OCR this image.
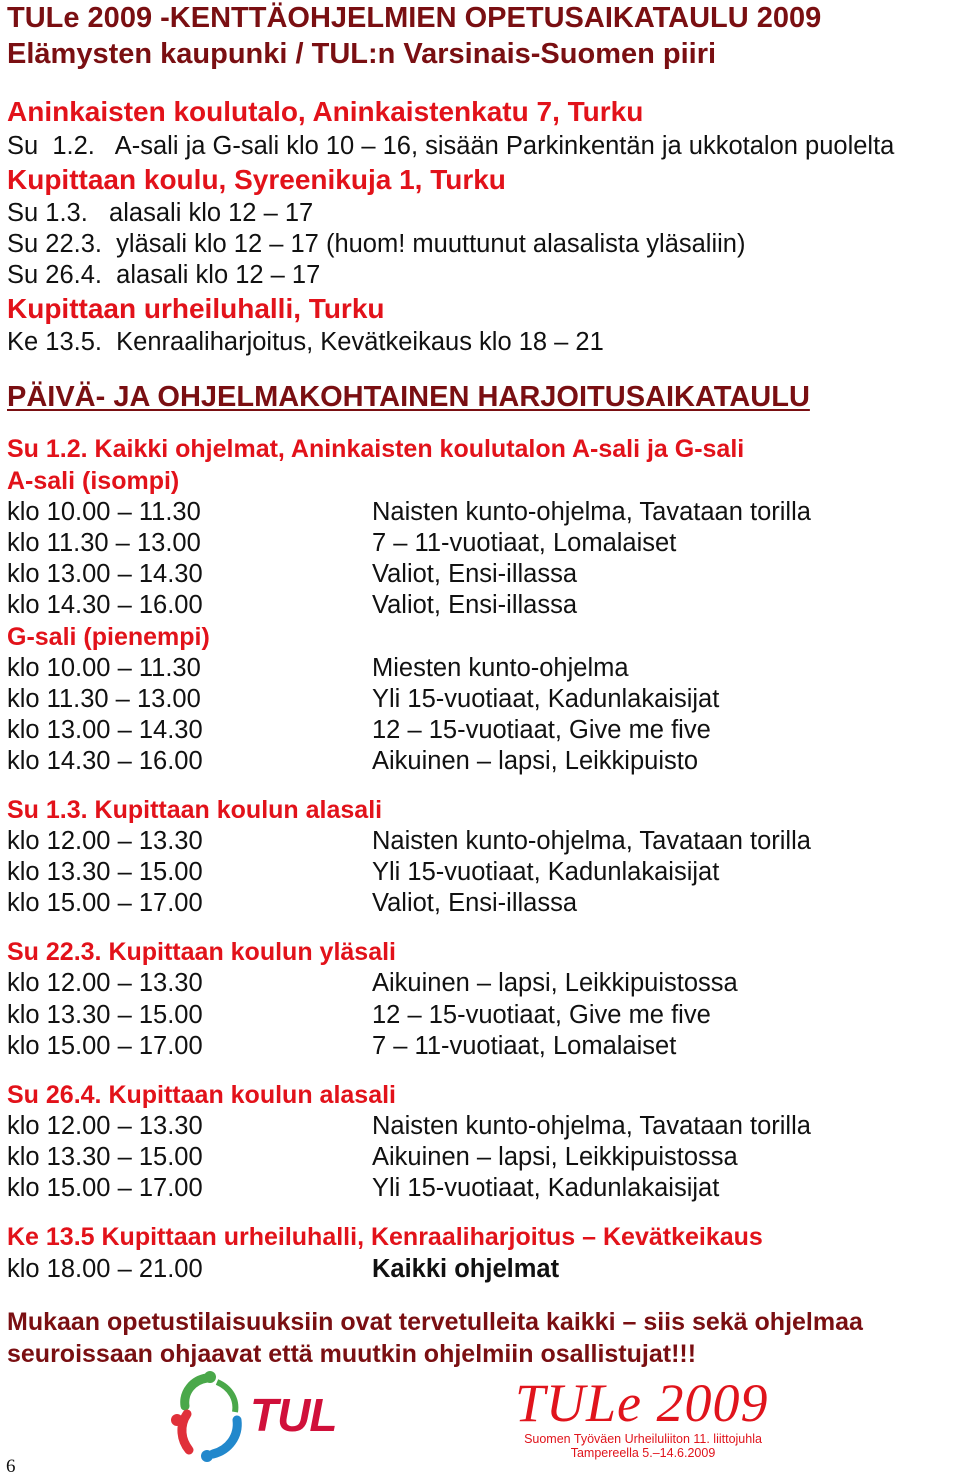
TULe 2009 -KENTTÄOHJELMIEN OPETUSAIKATAULU 2009
Elämysten kaupunki / TUL:n Varsinais-Suomen piiri
Aninkaisten koulutalo, Aninkaistenkatu 7, Turku
Su  1.2.   A-sali ja G-sali klo 10 – 16, sisään Parkinkentän ja ukkotalon puolelta
Kupittaan koulu, Syreenikuja 1, Turku
Su 1.3.   alasali klo 12 – 17
Su 22.3.  yläsali klo 12 – 17 (huom! muuttunut alasalista yläsaliin)
Su 26.4.  alasali klo 12 – 17
Kupittaan urheiluhalli, Turku
Ke 13.5.  Kenraaliharjoitus, Kevätkeikaus klo 18 – 21
PÄIVÄ- JA OHJELMAKOHTAINEN HARJOITUSAIKATAULU
Su 1.2. Kaikki ohjelmat, Aninkaisten koulutalon A-sali ja G-sali
A-sali (isompi)
klo 10.00 – 11.30	Naisten kunto-ohjelma, Tavataan torilla
klo 11.30 – 13.00	7 – 11-vuotiaat, Lomalaiset
klo 13.00 – 14.30	Valiot, Ensi-illassa
klo 14.30 – 16.00	Valiot, Ensi-illassa
G-sali (pienempi)
klo 10.00 – 11.30	Miesten kunto-ohjelma
klo 11.30 – 13.00	Yli 15-vuotiaat, Kadunlakaisijat
klo 13.00 – 14.30	12 – 15-vuotiaat, Give me five
klo 14.30 – 16.00	Aikuinen – lapsi, Leikkipuisto
Su 1.3. Kupittaan koulun alasali
klo 12.00 – 13.30	Naisten kunto-ohjelma, Tavataan torilla
klo 13.30 – 15.00	Yli 15-vuotiaat, Kadunlakaisijat
klo 15.00 – 17.00	Valiot, Ensi-illassa
Su 22.3. Kupittaan koulun yläsali
klo 12.00 – 13.30	Aikuinen – lapsi, Leikkipuistossa
klo 13.30 – 15.00	12 – 15-vuotiaat, Give me five
klo 15.00 – 17.00	7 – 11-vuotiaat, Lomalaiset
Su 26.4. Kupittaan koulun alasali
klo 12.00 – 13.30	Naisten kunto-ohjelma, Tavataan torilla
klo 13.30 – 15.00	Aikuinen – lapsi, Leikkipuistossa
klo 15.00 – 17.00	Yli 15-vuotiaat, Kadunlakaisijat
Ke 13.5 Kupittaan urheiluhalli, Kenraaliharjoitus – Kevätkeikaus
klo 18.00 – 21.00	Kaikki ohjelmat
Mukaan opetustilaisuuksiin ovat tervetulleita kaikki – siis sekä ohjelmaa
seuroissaan ohjaavat että muutkin ohjelmiin osallistujat!!!
TUL	TULe 2009
Suomen Työväen Urheiluliiton 11. liittojuhla
Tampereella 5.–14.6.2009
6
